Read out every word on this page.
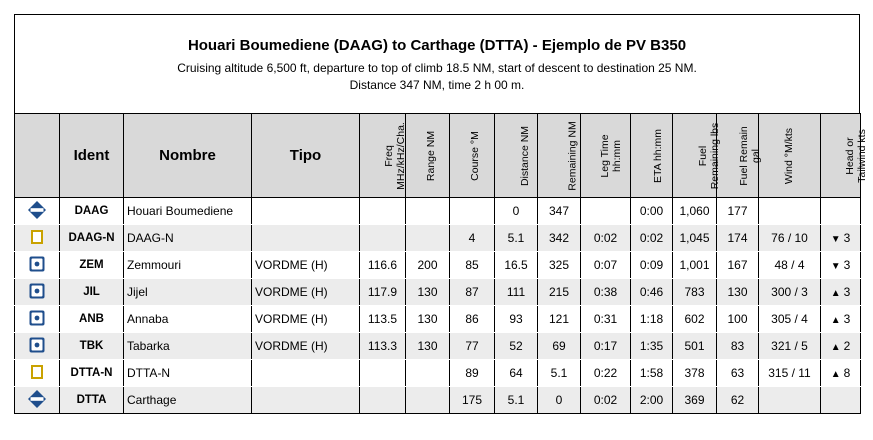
Houari Boumediene (DAAG) to Carthage (DTTA) - Ejemplo de PV B350
Cruising altitude 6,500 ft, departure to top of climb 18.5 NM, start of descent to destination 25 NM.
Distance 347 NM, time 2 h 00 m.
	Ident	Nombre	Tipo	Freq MHz/kHz/Cha.	Range NM	Course °M	Distance NM	Remaining NM	Leg Time hh:mm	ETA hh:mm	Fuel Remaining lbs	Fuel Remain gal	Wind °M/kts	Head or Tailwind kts
	DAAG	Houari Boumediene					0	347		0:00	1,060	177		
	DAAG-N	DAAG-N				4	5.1	342	0:02	0:02	1,045	174	76 / 10	▼ 3
	ZEM	Zemmouri	VORDME (H)	116.6	200	85	16.5	325	0:07	0:09	1,001	167	48 / 4	▼ 3
	JIL	Jijel	VORDME (H)	117.9	130	87	111	215	0:38	0:46	783	130	300 / 3	▲ 3
	ANB	Annaba	VORDME (H)	113.5	130	86	93	121	0:31	1:18	602	100	305 / 4	▲ 3
	TBK	Tabarka	VORDME (H)	113.3	130	77	52	69	0:17	1:35	501	83	321 / 5	▲ 2
	DTTA-N	DTTA-N				89	64	5.1	0:22	1:58	378	63	315 / 11	▲ 8
	DTTA	Carthage				175	5.1	0	0:02	2:00	369	62		
